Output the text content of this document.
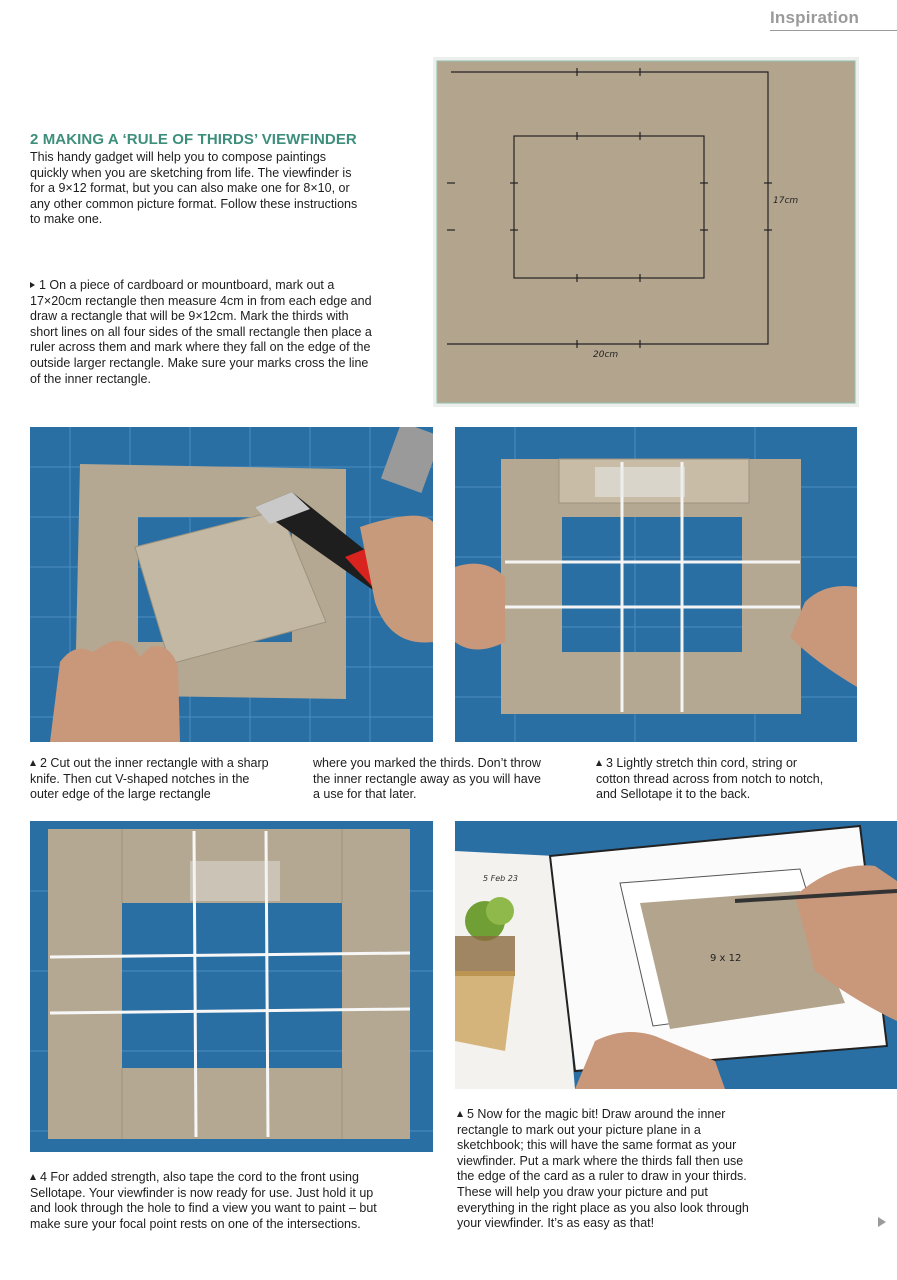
Inspiration
2 MAKING A ‘RULE OF THIRDS’ VIEWFINDER
This handy gadget will help you to compose paintings quickly when you are sketching from life. The viewfinder is for a 9×12 format, but you can also make one for 8×10, or any other common picture format. Follow these instructions to make one.
1 On a piece of cardboard or mountboard, mark out a 17×20cm rectangle then measure 4cm in from each edge and draw a rectangle that will be 9×12cm. Mark the thirds with short lines on all four sides of the small rectangle then place a ruler across them and mark where they fall on the edge of the outside larger rectangle. Make sure your marks cross the line of the inner rectangle.
17cm
20cm
2 Cut out the inner rectangle with a sharp knife. Then cut V-shaped notches in the outer edge of the large rectangle
where you marked the thirds. Don’t throw the inner rectangle away as you will have a use for that later.
3 Lightly stretch thin cord, string or cotton thread across from notch to notch, and Sellotape it to the back.
5 Feb 23
9 x 12
4 For added strength, also tape the cord to the front using Sellotape. Your viewfinder is now ready for use. Just hold it up and look through the hole to find a view you want to paint – but make sure your focal point rests on one of the intersections.
5 Now for the magic bit! Draw around the inner rectangle to mark out your picture plane in a sketchbook; this will have the same format as your viewfinder. Put a mark where the thirds fall then use the edge of the card as a ruler to draw in your thirds. These will help you draw your picture and put everything in the right place as you also look through your viewfinder. It’s as easy as that!
